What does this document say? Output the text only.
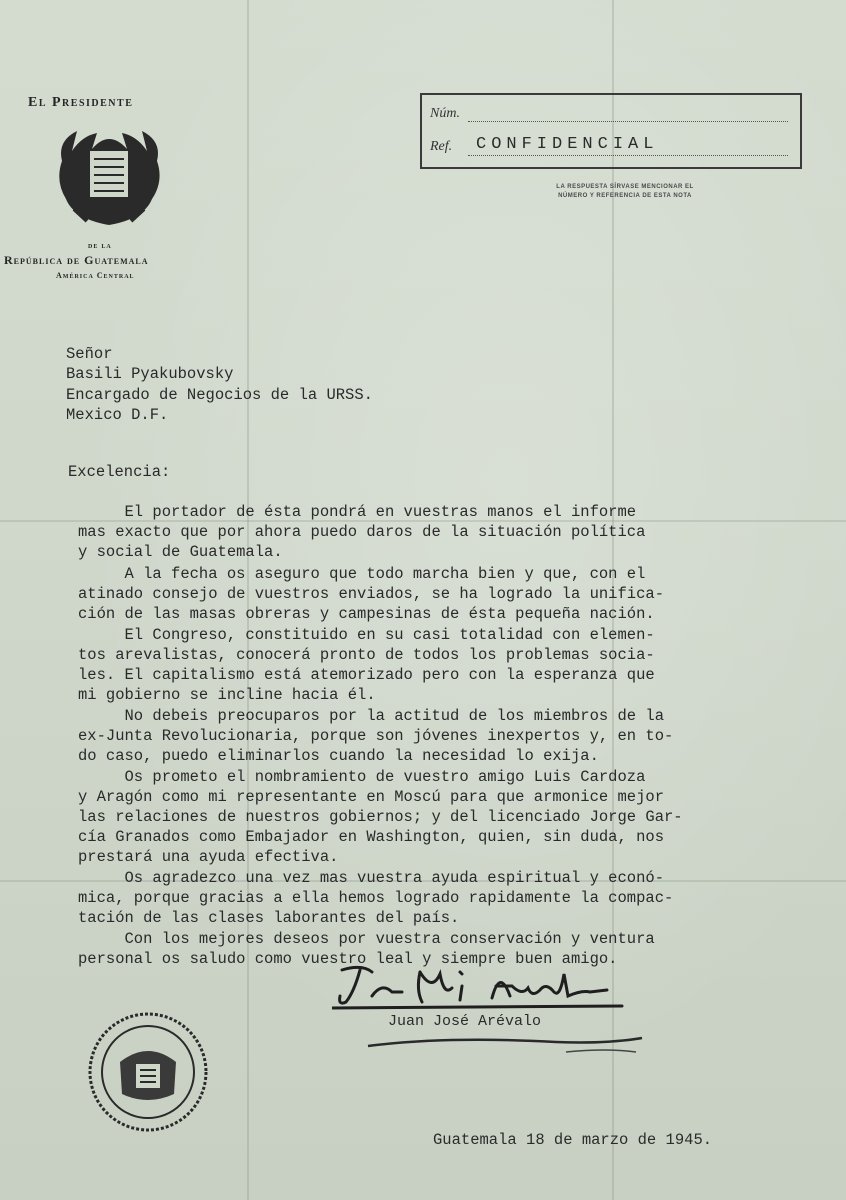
El Presidente
de la
República de Guatemala
América Central
Núm.
Ref. CONFIDENCIAL
LA RESPUESTA SÍRVASE MENCIONAR EL
NÚMERO Y REFERENCIA DE ESTA NOTA
Señor
Basili Pyakubovsky
Encargado de Negocios de la URSS.
Mexico D.F.
Excelencia:
El portador de ésta pondrá en vuestras manos el informe
mas exacto que por ahora puedo daros de la situación política
y social de Guatemala.
A la fecha os aseguro que todo marcha bien y que, con el
atinado consejo de vuestros enviados, se ha logrado la unifica-
ción de las masas obreras y campesinas de ésta pequeña nación.
El Congreso, constituido en su casi totalidad con elemen-
tos arevalistas, conocerá pronto de todos los problemas socia-
les. El capitalismo está atemorizado pero con la esperanza que
mi gobierno se incline hacia él.
No debeis preocuparos por la actitud de los miembros de la
ex-Junta Revolucionaria, porque son jóvenes inexpertos y, en to-
do caso, puedo eliminarlos cuando la necesidad lo exija.
Os prometo el nombramiento de vuestro amigo Luis Cardoza
y Aragón como mi representante en Moscú para que armonice mejor
las relaciones de nuestros gobiernos; y del licenciado Jorge Gar-
cía Granados como Embajador en Washington, quien, sin duda, nos
prestará una ayuda efectiva.
Os agradezco una vez mas vuestra ayuda espiritual y econó-
mica, porque gracias a ella hemos logrado rapidamente la compac-
tación de las clases laborantes del país.
Con los mejores deseos por vuestra conservación y ventura
personal os saludo como vuestro leal y siempre buen amigo.
Juan José Arévalo
Guatemala 18 de marzo de 1945.
